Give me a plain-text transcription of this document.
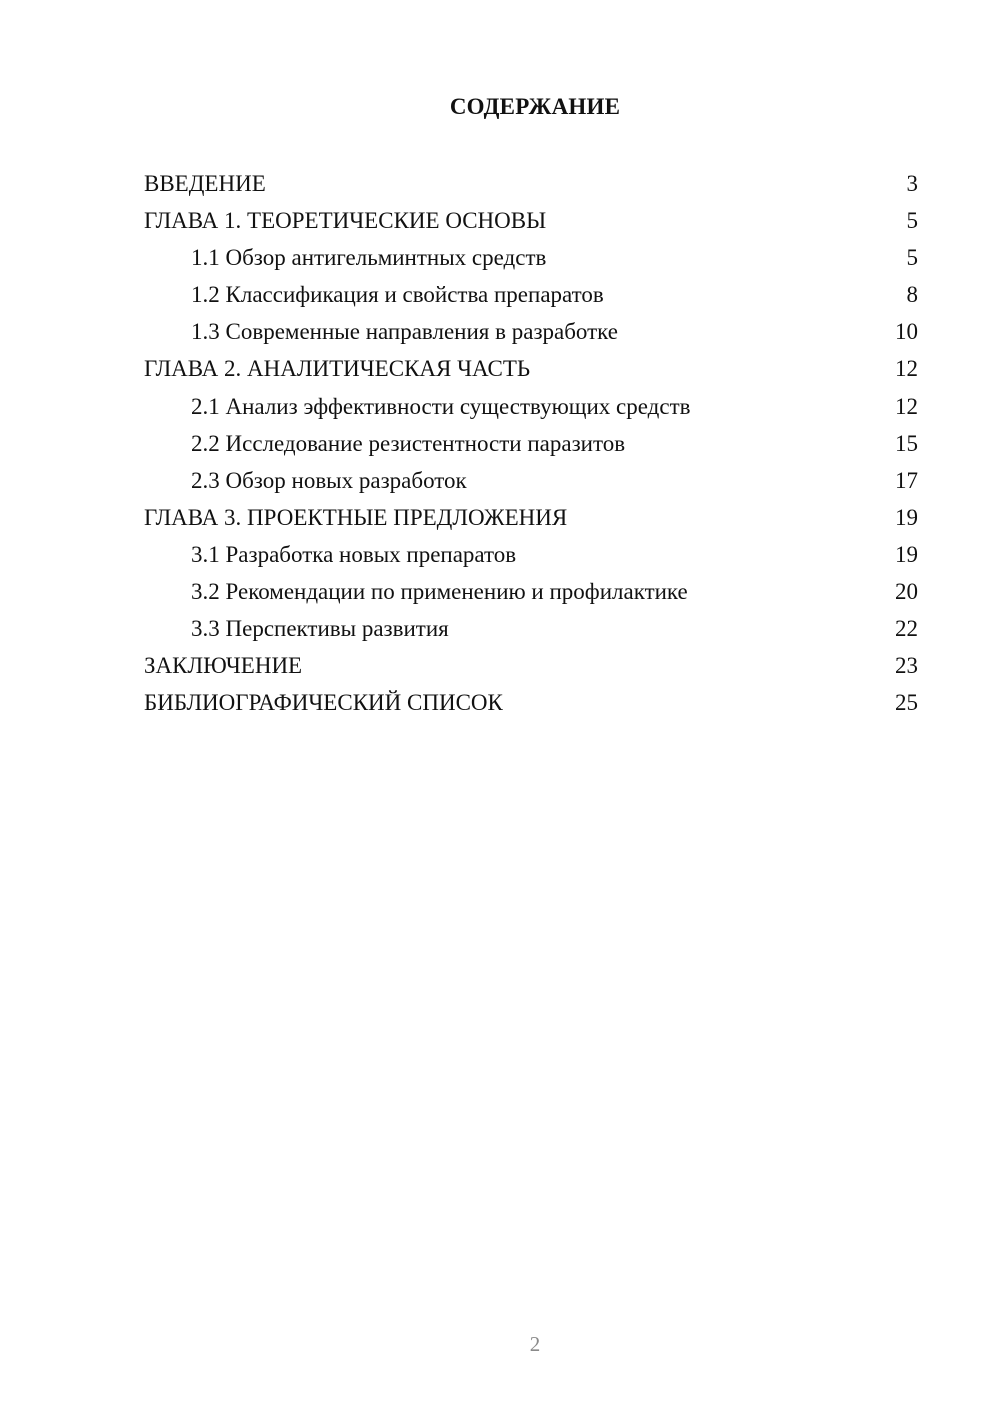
СОДЕРЖАНИЕ
ВВЕДЕНИЕ	3
ГЛАВА 1. ТЕОРЕТИЧЕСКИЕ ОСНОВЫ	5
1.1 Обзор антигельминтных средств	5
1.2 Классификация и свойства препаратов	8
1.3 Современные направления в разработке	10
ГЛАВА 2. АНАЛИТИЧЕСКАЯ ЧАСТЬ	12
2.1 Анализ эффективности существующих средств	12
2.2 Исследование резистентности паразитов	15
2.3 Обзор новых разработок	17
ГЛАВА 3. ПРОЕКТНЫЕ ПРЕДЛОЖЕНИЯ	19
3.1 Разработка новых препаратов	19
3.2 Рекомендации по применению и профилактике	20
3.3 Перспективы развития	22
ЗАКЛЮЧЕНИЕ	23
БИБЛИОГРАФИЧЕСКИЙ СПИСОК	25
2
